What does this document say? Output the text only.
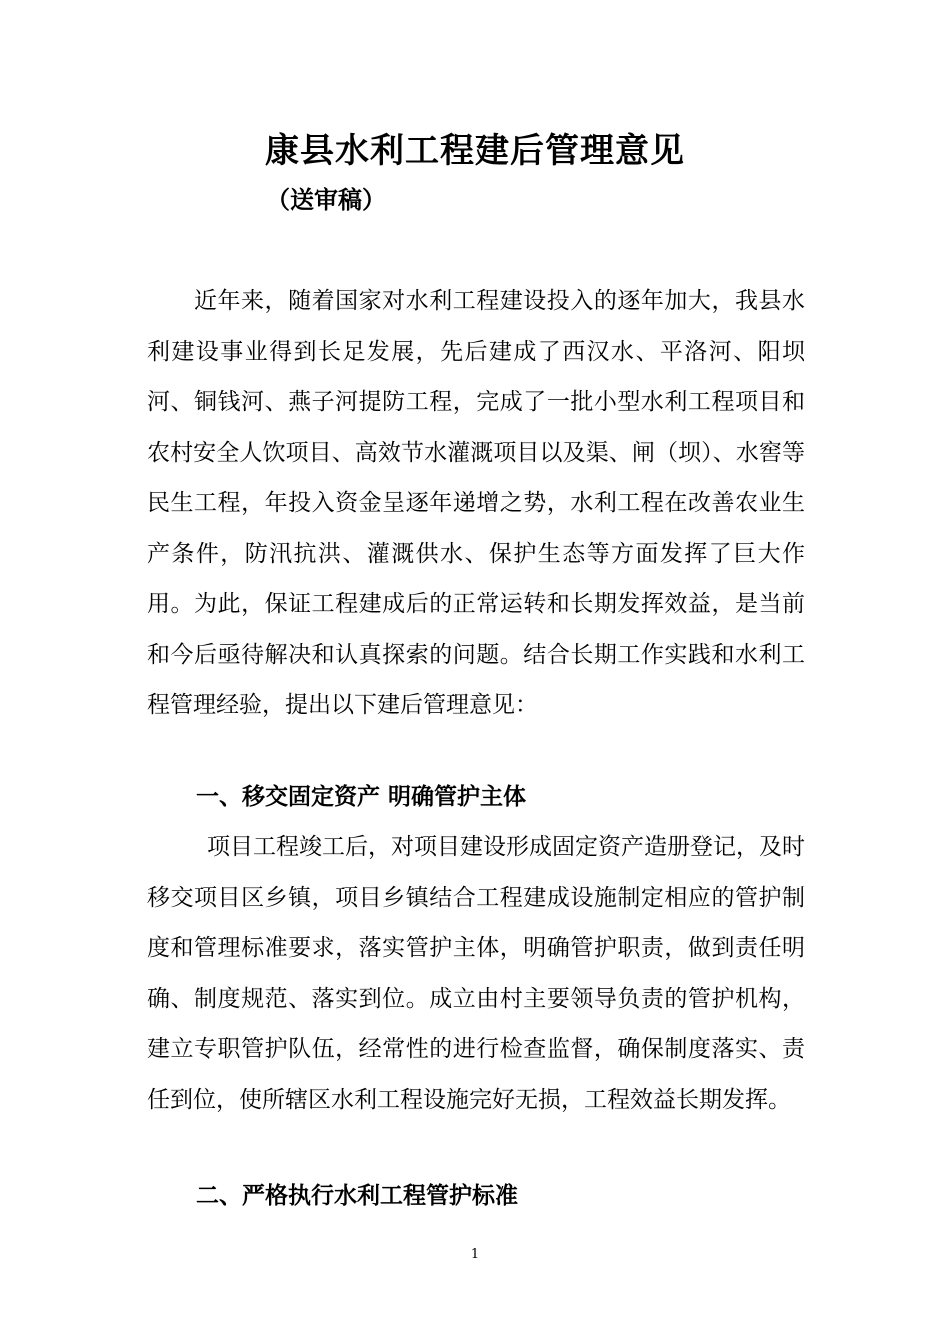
康县水利工程建后管理意见
（送审稿）

近年来，随着国家对水利工程建设投入的逐年加大，我县水利建设事业得到长足发展，先后建成了西汉水、平洛河、阳坝河、铜钱河、燕子河提防工程，完成了一批小型水利工程项目和农村安全人饮项目、高效节水灌溉项目以及渠、闸（坝）、水窖等民生工程，年投入资金呈逐年递增之势，水利工程在改善农业生产条件，防汛抗洪、灌溉供水、保护生态等方面发挥了巨大作用。为此，保证工程建成后的正常运转和长期发挥效益，是当前和今后亟待解决和认真探索的问题。结合长期工作实践和水利工程管理经验，提出以下建后管理意见：

一、移交固定资产 明确管护主体

项目工程竣工后，对项目建设形成固定资产造册登记，及时移交项目区乡镇，项目乡镇结合工程建成设施制定相应的管护制度和管理标准要求，落实管护主体，明确管护职责，做到责任明确、制度规范、落实到位。成立由村主要领导负责的管护机构，建立专职管护队伍，经常性的进行检查监督，确保制度落实、责任到位，使所辖区水利工程设施完好无损，工程效益长期发挥。

二、严格执行水利工程管护标准
1
